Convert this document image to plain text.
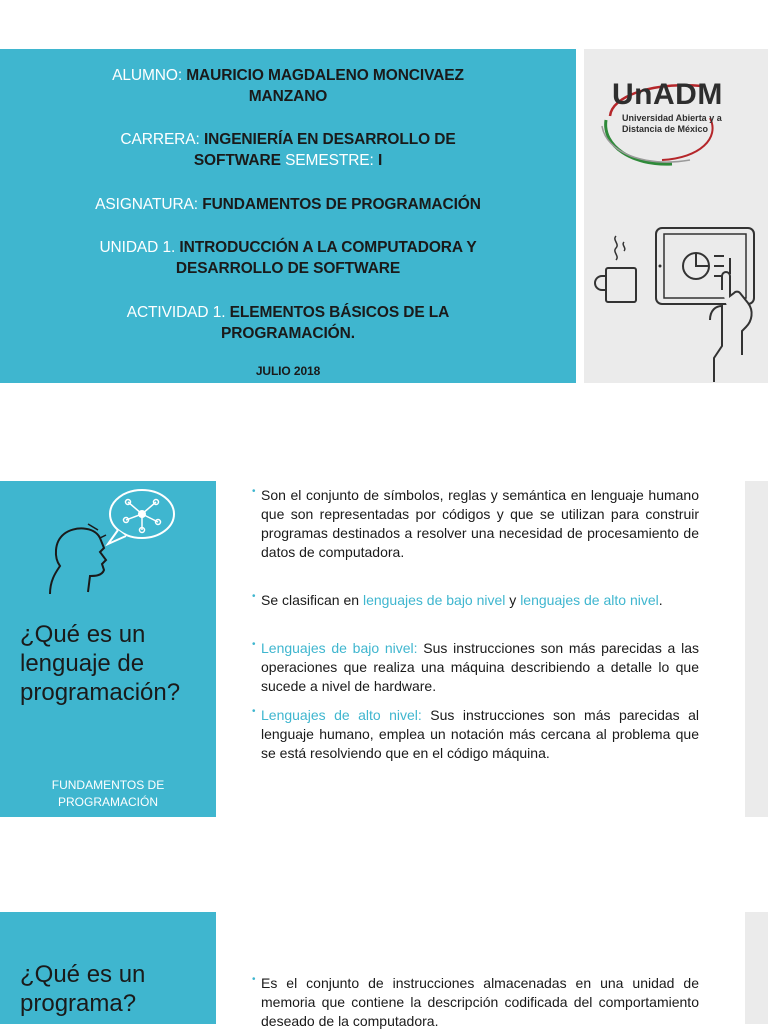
ALUMNO: MAURICIO MAGDALENO MONCIVAEZ
MANZANO
CARRERA: INGENIERÍA EN DESARROLLO DE
SOFTWARE SEMESTRE: I
ASIGNATURA: FUNDAMENTOS DE PROGRAMACIÓN
UNIDAD 1. INTRODUCCIÓN A LA COMPUTADORA Y
DESARROLLO DE SOFTWARE
ACTIVIDAD 1. ELEMENTOS BÁSICOS DE LA
PROGRAMACIÓN.
JULIO 2018
UnADM
Universidad Abierta y a
Distancia de México
¿Qué es un
lenguaje de
programación?
FUNDAMENTOS DE
PROGRAMACIÓN
• Son el conjunto de símbolos, reglas y semántica en lenguaje humano que son representadas por códigos y que se utilizan para construir programas destinados a resolver una necesidad de procesamiento de datos de computadora.
• Se clasifican en lenguajes de bajo nivel y lenguajes de alto nivel.
• Lenguajes de bajo nivel: Sus instrucciones son más parecidas a las operaciones que realiza una máquina describiendo a detalle lo que sucede a nivel de hardware.
• Lenguajes de alto nivel: Sus instrucciones son más parecidas al lenguaje humano, emplea un notación más cercana al problema que se está resolviendo que en el código máquina.
¿Qué es un
programa?
• Es el conjunto de instrucciones almacenadas en una unidad de memoria que contiene la descripción codificada del comportamiento deseado de la computadora.
